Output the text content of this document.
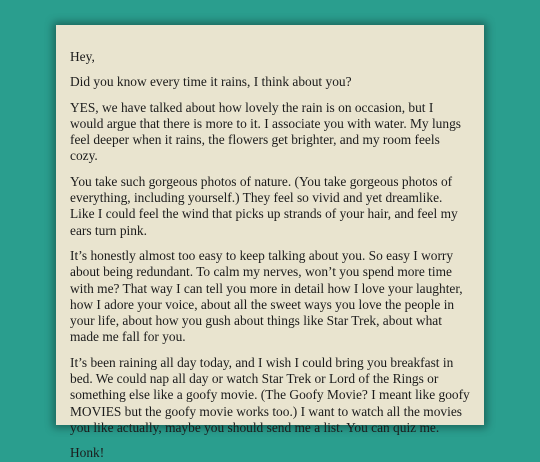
Hey,

Did you know every time it rains, I think about you?

YES, we have talked about how lovely the rain is on occasion, but I would argue that there is more to it. I associate you with water. My lungs feel deeper when it rains, the flowers get brighter, and my room feels cozy.

You take such gorgeous photos of nature. (You take gorgeous photos of everything, including yourself.) They feel so vivid and yet dreamlike. Like I could feel the wind that picks up strands of your hair, and feel my ears turn pink.

It’s honestly almost too easy to keep talking about you. So easy I worry about being redundant. To calm my nerves, won’t you spend more time with me? That way I can tell you more in detail how I love your laughter, how I adore your voice, about all the sweet ways you love the people in your life, about how you gush about things like Star Trek, about what made me fall for you.

It’s been raining all day today, and I wish I could bring you breakfast in bed. We could nap all day or watch Star Trek or Lord of the Rings or something else like a goofy movie. (The Goofy Movie? I meant like goofy MOVIES but the goofy movie works too.) I want to watch all the movies you like actually, maybe you should send me a list. You can quiz me.

Honk!
